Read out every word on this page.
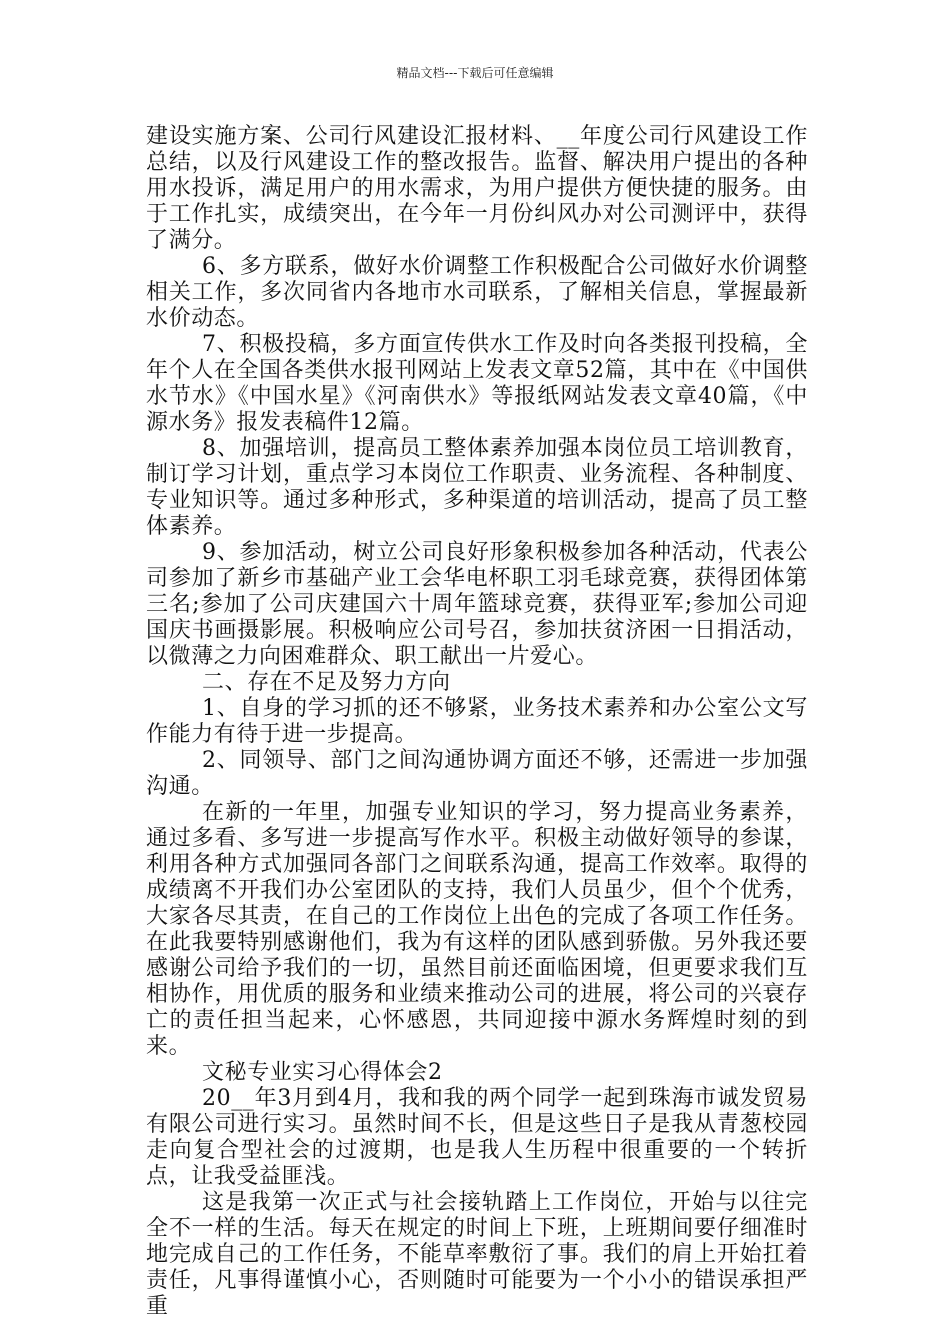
精品文档---下载后可任意编辑

建设实施方案、公司行风建设汇报材料、__年度公司行风建设工作总结，以及行风建设工作的整改报告。监督、解决用户提出的各种用水投诉，满足用户的用水需求，为用户提供方便快捷的服务。由于工作扎实，成绩突出，在今年一月份纠风办对公司测评中，获得了满分。

6、多方联系，做好水价调整工作积极配合公司做好水价调整相关工作，多次同省内各地市水司联系，了解相关信息，掌握最新水价动态。

7、积极投稿，多方面宣传供水工作及时向各类报刊投稿，全年个人在全国各类供水报刊网站上发表文章52篇，其中在《中国供水节水》《中国水星》《河南供水》等报纸网站发表文章40篇，《中源水务》报发表稿件12篇。

8、加强培训，提高员工整体素养加强本岗位员工培训教育，制订学习计划，重点学习本岗位工作职责、业务流程、各种制度、专业知识等。通过多种形式，多种渠道的培训活动，提高了员工整体素养。

9、参加活动，树立公司良好形象积极参加各种活动，代表公司参加了新乡市基础产业工会华电杯职工羽毛球竞赛，获得团体第三名;参加了公司庆建国六十周年篮球竞赛，获得亚军;参加公司迎国庆书画摄影展。积极响应公司号召，参加扶贫济困一日捐活动，以微薄之力向困难群众、职工献出一片爱心。

二、存在不足及努力方向

1、自身的学习抓的还不够紧，业务技术素养和办公室公文写作能力有待于进一步提高。

2、同领导、部门之间沟通协调方面还不够，还需进一步加强沟通。

在新的一年里，加强专业知识的学习，努力提高业务素养，通过多看、多写进一步提高写作水平。积极主动做好领导的参谋，利用各种方式加强同各部门之间联系沟通，提高工作效率。取得的成绩离不开我们办公室团队的支持，我们人员虽少，但个个优秀，大家各尽其责，在自己的工作岗位上出色的完成了各项工作任务。在此我要特别感谢他们，我为有这样的团队感到骄傲。另外我还要感谢公司给予我们的一切，虽然目前还面临困境，但更要求我们互相协作，用优质的服务和业绩来推动公司的进展，将公司的兴衰存亡的责任担当起来，心怀感恩，共同迎接中源水务辉煌时刻的到来。

文秘专业实习心得体会2

20__年3月到4月，我和我的两个同学一起到珠海市诚发贸易有限公司进行实习。虽然时间不长，但是这些日子是我从青葱校园走向复合型社会的过渡期，也是我人生历程中很重要的一个转折点，让我受益匪浅。

这是我第一次正式与社会接轨踏上工作岗位，开始与以往完全不一样的生活。每天在规定的时间上下班，上班期间要仔细准时地完成自己的工作任务，不能草率敷衍了事。我们的肩上开始扛着责任，凡事得谨慎小心，否则随时可能要为一个小小的错误承担严重
